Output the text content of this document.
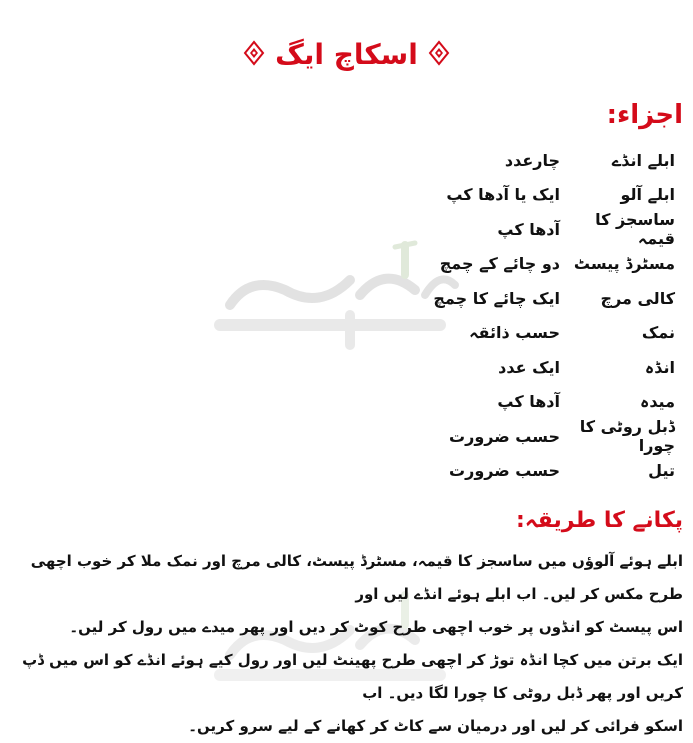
اسکاچ ایگ
اجزاء:
ابلے انڈے
چارعدد
ابلے آلو
ایک یا آدھا کپ
ساسجز کا قیمہ
آدھا کپ
مسٹرڈ پیسٹ
دو چائے کے چمچ
کالی مرچ
ایک چائے کا چمچ
نمک
حسب ذائقہ
انڈہ
ایک عدد
میدہ
آدھا کپ
ڈبل روٹی کا چورا
حسب ضرورت
تیل
حسب ضرورت
پکانے کا طریقہ:

ابلے ہوئے آلوؤں میں ساسجز کا قیمہ، مسٹرڈ پیسٹ، کالی مرچ اور نمک ملا کر خوب اچھی طرح مکس کر لیں۔ اب ابلے ہوئے انڈے لیں اور

اس پیسٹ کو انڈوں پر خوب اچھی طرح کوٹ کر دیں اور پھر میدے میں رول کر لیں۔

ایک برتن میں کچا انڈہ توڑ کر اچھی طرح پھینٹ لیں اور رول کیے ہوئے انڈے کو اس میں ڈپ کریں اور پھر ڈبل روٹی کا چورا لگا دیں۔ اب

اسکو فرائی کر لیں اور درمیان سے کاٹ کر کھانے کے لیے سرو کریں۔
